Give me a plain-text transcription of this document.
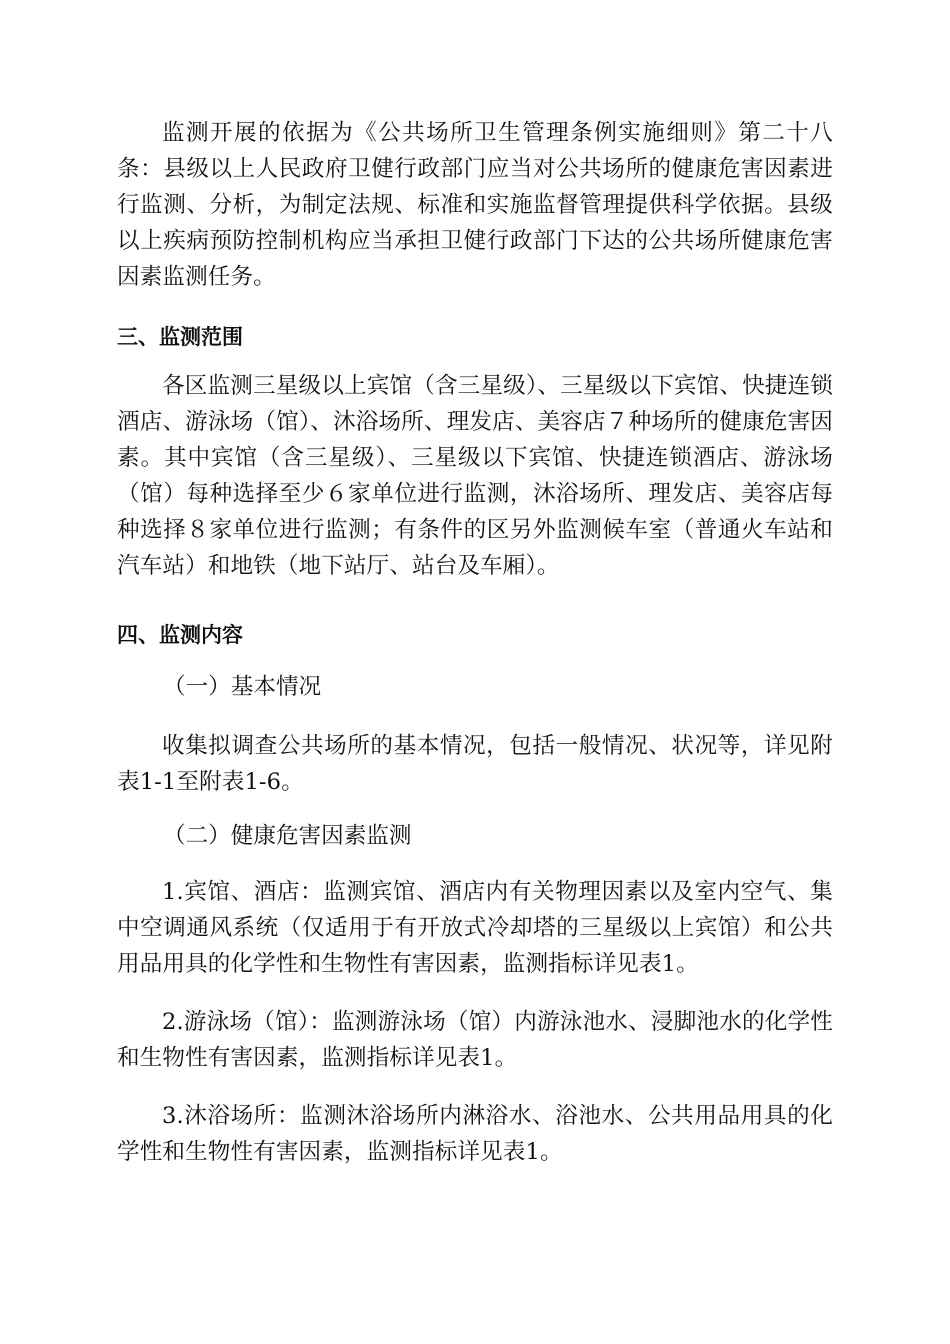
监测开展的依据为《公共场所卫生管理条例实施细则》第二十八条：县级以上人民政府卫健行政部门应当对公共场所的健康危害因素进行监测、分析，为制定法规、标准和实施监督管理提供科学依据。县级以上疾病预防控制机构应当承担卫健行政部门下达的公共场所健康危害因素监测任务。

三、监测范围

各区监测三星级以上宾馆（含三星级）、三星级以下宾馆、快捷连锁酒店、游泳场（馆）、沐浴场所、理发店、美容店７种场所的健康危害因素。其中宾馆（含三星级）、三星级以下宾馆、快捷连锁酒店、游泳场（馆）每种选择至少６家单位进行监测，沐浴场所、理发店、美容店每种选择８家单位进行监测；有条件的区另外监测候车室（普通火车站和汽车站）和地铁（地下站厅、站台及车厢）。

四、监测内容
（一）基本情况

收集拟调查公共场所的基本情况，包括一般情况、状况等，详见附表1-1至附表1-6。

（二）健康危害因素监测

1.宾馆、酒店：监测宾馆、酒店内有关物理因素以及室内空气、集中空调通风系统（仅适用于有开放式冷却塔的三星级以上宾馆）和公共用品用具的化学性和生物性有害因素，监测指标详见表1。

2.游泳场（馆）：监测游泳场（馆）内游泳池水、浸脚池水的化学性和生物性有害因素，监测指标详见表1。

3.沐浴场所：监测沐浴场所内淋浴水、浴池水、公共用品用具的化学性和生物性有害因素，监测指标详见表1。
